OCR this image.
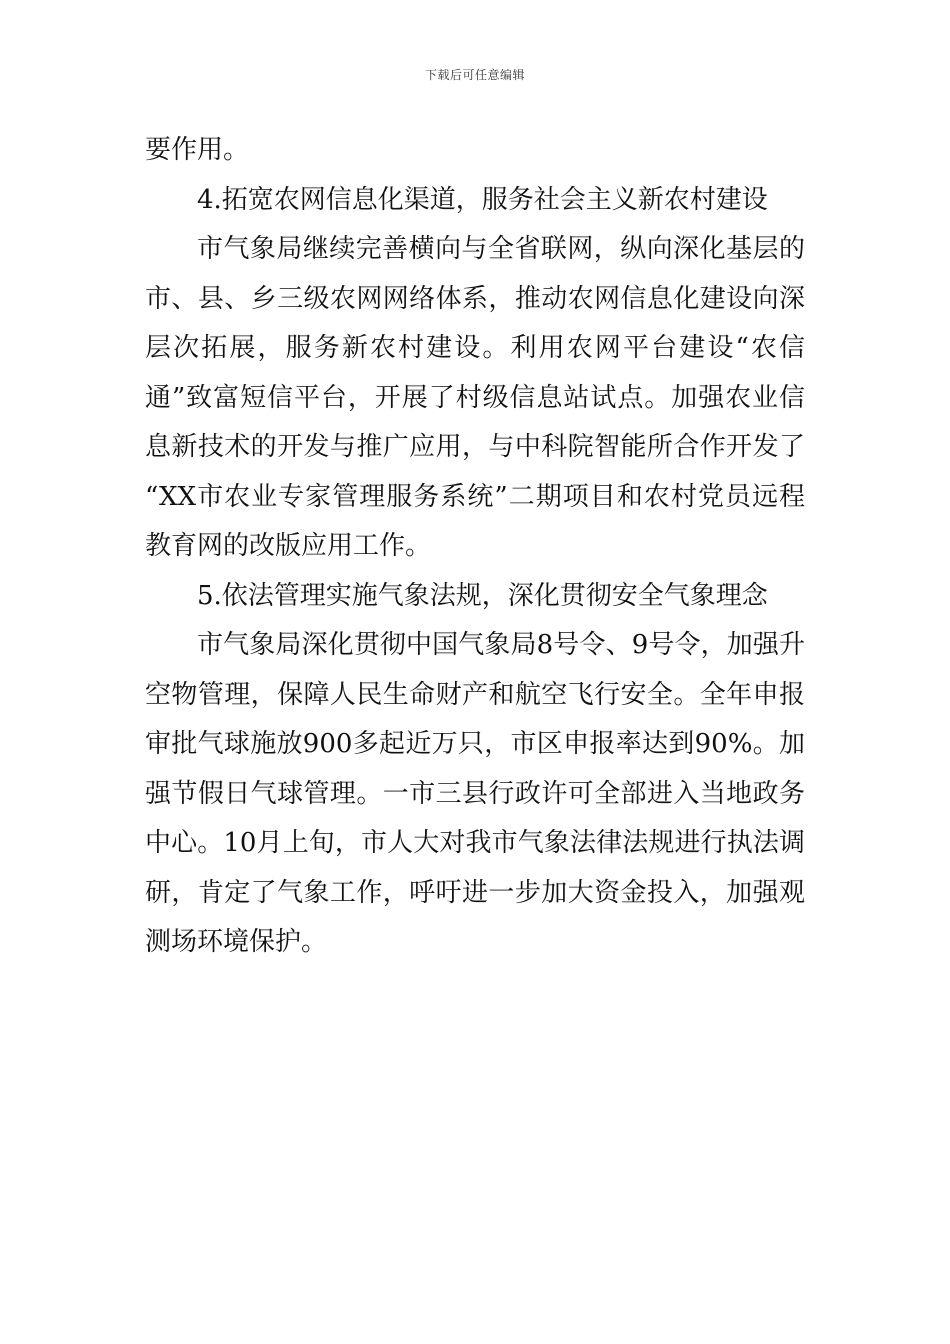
下载后可任意编辑
要作用。
4.拓宽农网信息化渠道，服务社会主义新农村建设
市气象局继续完善横向与全省联网，纵向深化基层的
市、县、乡三级农网网络体系，推动农网信息化建设向深
层次拓展，服务新农村建设。利用农网平台建设“农信
通”致富短信平台，开展了村级信息站试点。加强农业信
息新技术的开发与推广应用，与中科院智能所合作开发了
“XX市农业专家管理服务系统”二期项目和农村党员远程
教育网的改版应用工作。
5.依法管理实施气象法规，深化贯彻安全气象理念
市气象局深化贯彻中国气象局8号令、9号令，加强升
空物管理，保障人民生命财产和航空飞行安全。全年申报
审批气球施放900多起近万只，市区申报率达到90%。加
强节假日气球管理。一市三县行政许可全部进入当地政务
中心。10月上旬，市人大对我市气象法律法规进行执法调
研，肯定了气象工作，呼吁进一步加大资金投入，加强观
测场环境保护。
